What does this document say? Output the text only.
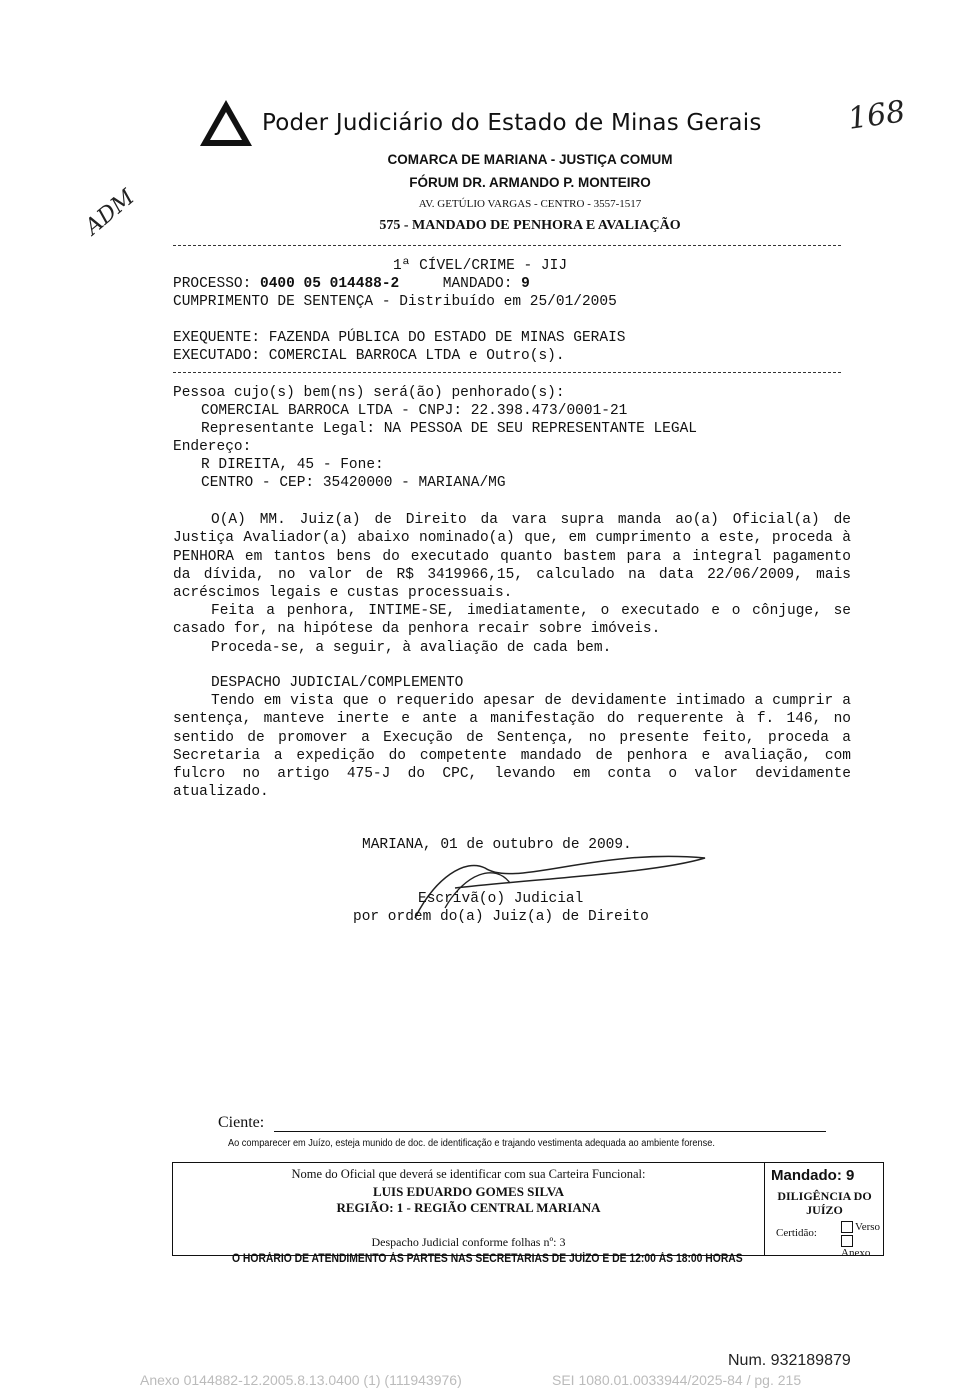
Poder Judiciário do Estado de Minas Gerais	168
ADM
COMARCA DE MARIANA - JUSTIÇA COMUM
FÓRUM DR. ARMANDO P. MONTEIRO
AV. GETÚLIO VARGAS - CENTRO - 3557-1517
575 - MANDADO DE PENHORA E AVALIAÇÃO
1ª CÍVEL/CRIME - JIJ
PROCESSO: 0400 05 014488-2	MANDADO: 9
CUMPRIMENTO DE SENTENÇA - Distribuído em 25/01/2005
EXEQUENTE: FAZENDA PÚBLICA DO ESTADO DE MINAS GERAIS
EXECUTADO: COMERCIAL BARROCA LTDA e Outro(s).
Pessoa cujo(s) bem(ns) será(ão) penhorado(s):
COMERCIAL BARROCA LTDA - CNPJ: 22.398.473/0001-21
Representante Legal: NA PESSOA DE SEU REPRESENTANTE LEGAL
Endereço:
R DIREITA, 45 - Fone:
CENTRO - CEP: 35420000 - MARIANA/MG
O(A) MM. Juiz(a) de Direito da vara supra manda ao(a) Oficial(a) de Justiça Avaliador(a) abaixo nominado(a) que, em cumprimento a este, proceda à PENHORA em tantos bens do executado quanto bastem para a integral pagamento da dívida, no valor de R$ 3419966,15, calculado na data 22/06/2009, mais acréscimos legais e custas processuais.
Feita a penhora, INTIME-SE, imediatamente, o executado e o cônjuge, se casado for, na hipótese da penhora recair sobre imóveis.
Proceda-se, a seguir, à avaliação de cada bem.
DESPACHO JUDICIAL/COMPLEMENTO
Tendo em vista que o requerido apesar de devidamente intimado a cumprir a sentença, manteve inerte e ante a manifestação do requerente à f. 146, no sentido de promover a Execução de Sentença, no presente feito, proceda a Secretaria a expedição do competente mandado de penhora e avaliação, com fulcro no artigo 475-J do CPC, levando em conta o valor devidamente atualizado.
MARIANA, 01 de outubro de 2009.
Escrivã(o) Judicial
por ordem do(a) Juiz(a) de Direito
Ciente:
Ao comparecer em Juízo, esteja munido de doc. de identificação e trajando vestimenta adequada ao ambiente forense.
Nome do Oficial que deverá se identificar com sua Carteira Funcional:
LUIS EDUARDO GOMES SILVA
REGIÃO: 1 - REGIÃO CENTRAL MARIANA
Despacho Judicial conforme folhas nº: 3
Mandado: 9
DILIGÊNCIA DO JUÍZO
Certidão:	Verso
Anexo
O HORÁRIO DE ATENDIMENTO ÀS PARTES NAS SECRETARIAS DE JUÍZO E DE 12:00 ÀS 18:00 HORAS
Num. 932189879
Anexo 0144882-12.2005.8.13.0400 (1) (111943976)	SEI 1080.01.0033944/2025-84 / pg. 215
